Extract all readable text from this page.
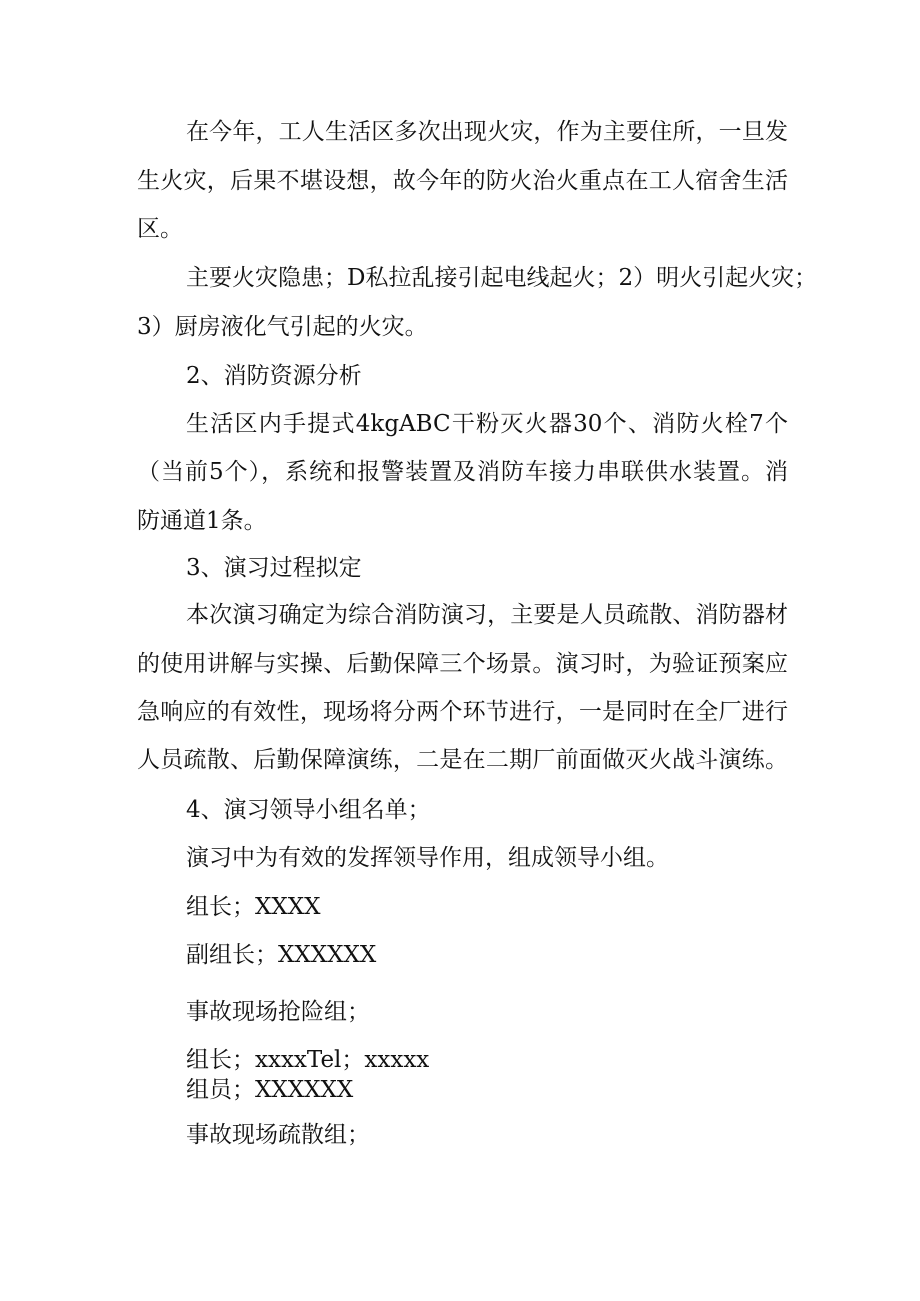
在今年，工人生活区多次出现火灾，作为主要住所，一旦发
生火灾，后果不堪设想，故今年的防火治火重点在工人宿舍生活
区。
主要火灾隐患；D私拉乱接引起电线起火；2）明火引起火灾；
3）厨房液化气引起的火灾。
2、消防资源分析
生活区内手提式4kgABC干粉灭火器30个、消防火栓7个
（当前5个），系统和报警装置及消防车接力串联供水装置。消
防通道1条。
3、演习过程拟定
本次演习确定为综合消防演习，主要是人员疏散、消防器材
的使用讲解与实操、后勤保障三个场景。演习时，为验证预案应
急响应的有效性，现场将分两个环节进行，一是同时在全厂进行
人员疏散、后勤保障演练，二是在二期厂前面做灭火战斗演练。
4、演习领导小组名单；
演习中为有效的发挥领导作用，组成领导小组。
组长；XXXX
副组长；XXXXXX
事故现场抢险组；
组长；xxxxTel；xxxxx
组员；XXXXXX
事故现场疏散组；
